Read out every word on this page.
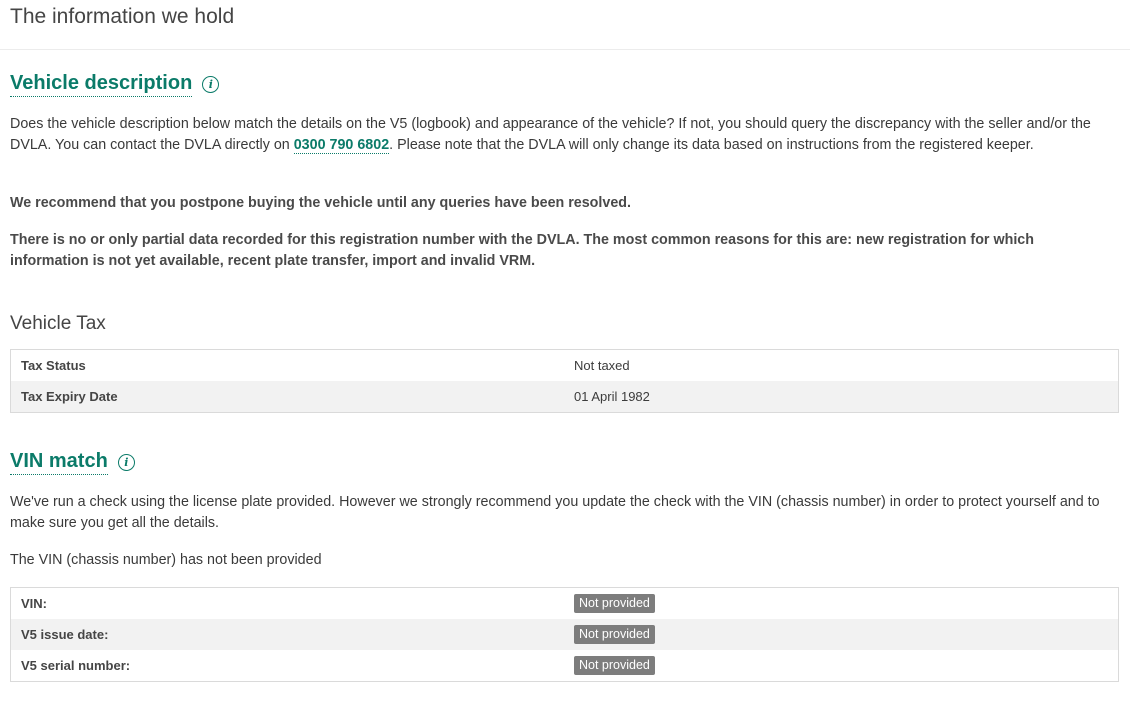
The information we hold
Vehicle description	i

Does the vehicle description below match the details on the V5 (logbook) and appearance of the vehicle? If not, you should query the discrepancy with the seller and/or the DVLA. You can contact the DVLA directly on 0300 790 6802. Please note that the DVLA will only change its data based on instructions from the registered keeper.

We recommend that you postpone buying the vehicle until any queries have been resolved.

There is no or only partial data recorded for this registration number with the DVLA. The most common reasons for this are: new registration for which information is not yet available, recent plate transfer, import and invalid VRM.

Vehicle Tax
Tax Status	Not taxed
Tax Expiry Date	01 April 1982
VIN match	i

We've run a check using the license plate provided. However we strongly recommend you update the check with the VIN (chassis number) in order to protect yourself and to make sure you get all the details.

The VIN (chassis number) has not been provided

VIN:	Not provided
V5 issue date:	Not provided
V5 serial number:	Not provided
